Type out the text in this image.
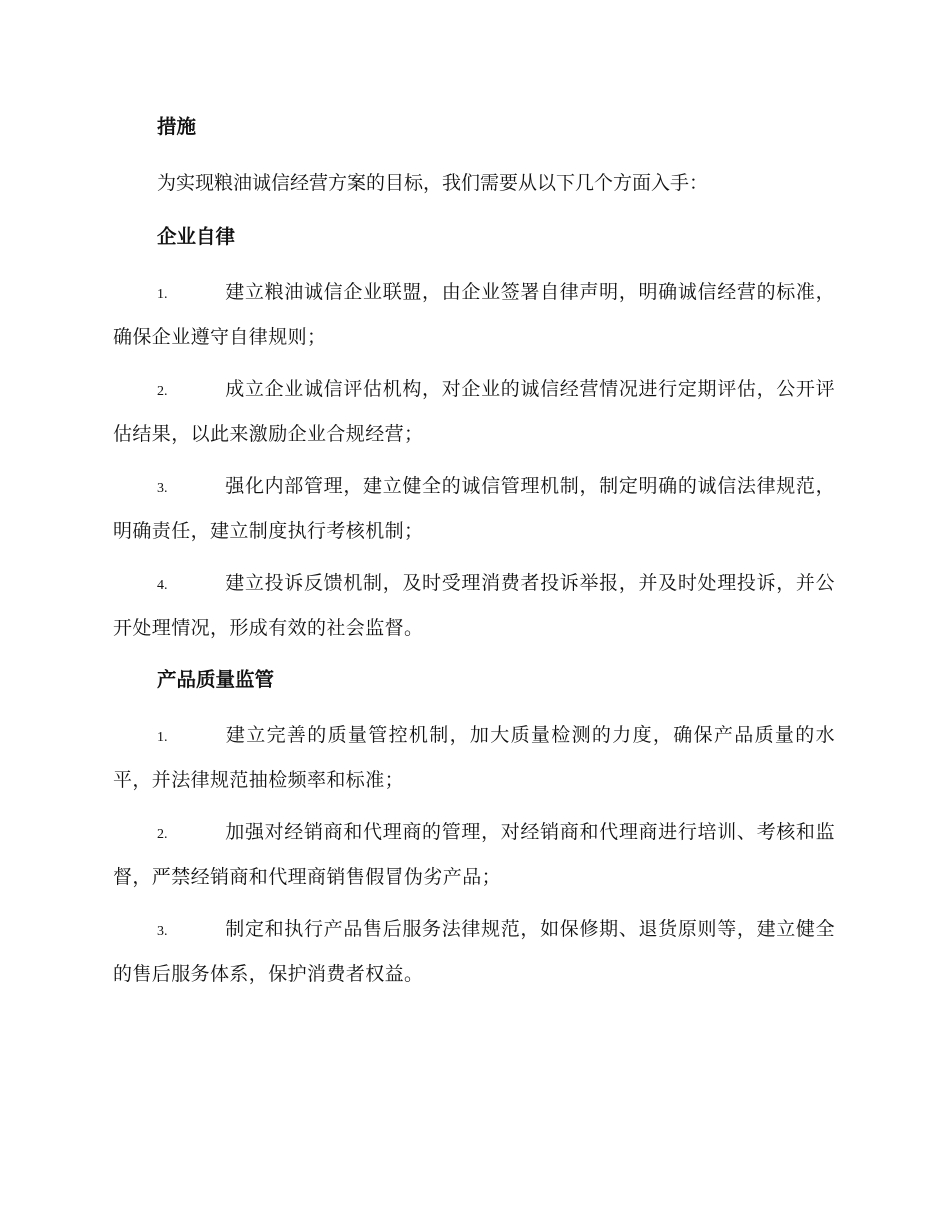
措施
为实现粮油诚信经营方案的目标，我们需要从以下几个方面入手：
企业自律
1.	建立粮油诚信企业联盟，由企业签署自律声明，明确诚信经营的标准，确保企业遵守自律规则；
2.	成立企业诚信评估机构，对企业的诚信经营情况进行定期评估，公开评估结果，以此来激励企业合规经营；
3.	强化内部管理，建立健全的诚信管理机制，制定明确的诚信法律规范，明确责任，建立制度执行考核机制；
4.	建立投诉反馈机制，及时受理消费者投诉举报，并及时处理投诉，并公开处理情况，形成有效的社会监督。
产品质量监管
1.	建立完善的质量管控机制，加大质量检测的力度，确保产品质量的水平，并法律规范抽检频率和标准；
2.	加强对经销商和代理商的管理，对经销商和代理商进行培训、考核和监督，严禁经销商和代理商销售假冒伪劣产品；
3.	制定和执行产品售后服务法律规范，如保修期、退货原则等，建立健全的售后服务体系，保护消费者权益。
